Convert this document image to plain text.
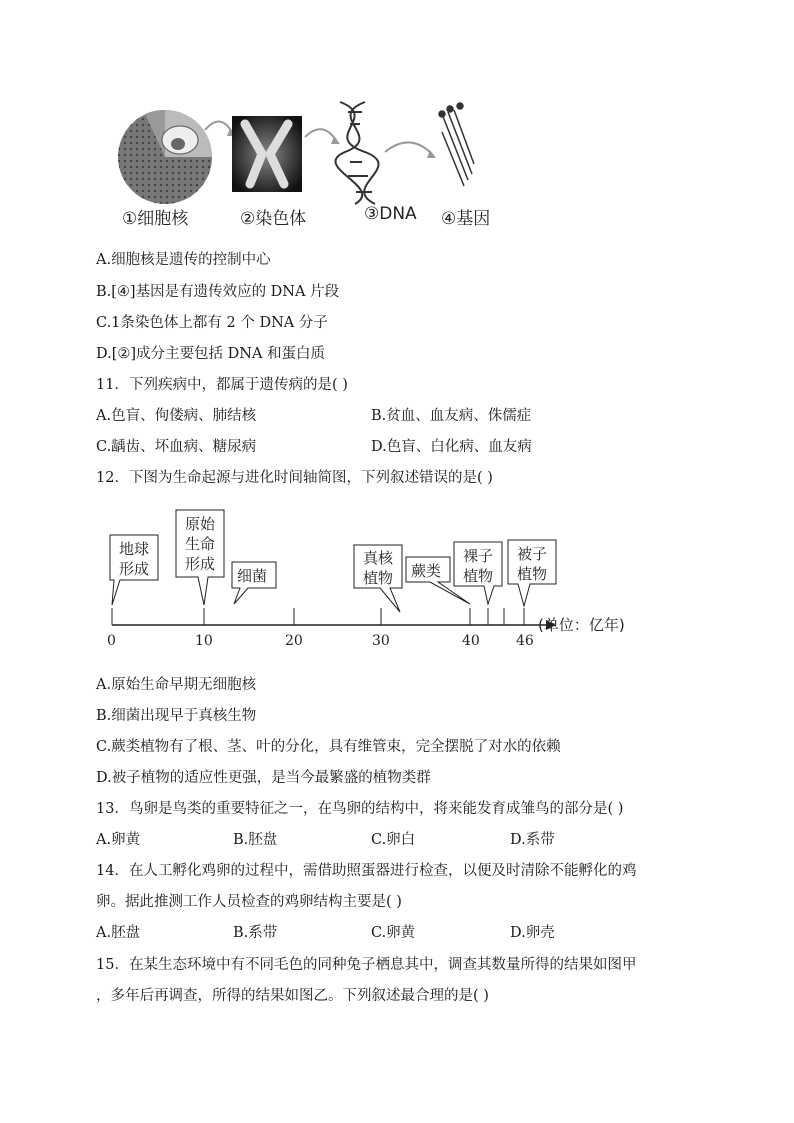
①细胞核	②染色体	③DNA ④基因
A.细胞核是遗传的控制中心
B.[④]基因是有遗传效应的 DNA 片段
C.1条染色体上都有 2 个 DNA 分子
D.[②]成分主要包括 DNA 和蛋白质
11．下列疾病中，都属于遗传病的是( )
A.色盲、佝偻病、肺结核	B.贫血、血友病、侏儒症
C.龋齿、坏血病、糖尿病	D.色盲、白化病、血友病
12．下图为生命起源与进化时间轴简图，下列叙述错误的是( )
(单位：亿年)
0	10	20	30	40	46
地球
形成
原始
生命
形成
细菌
真核
植物 蕨类
裸子
植物
被子
植物
A.原始生命早期无细胞核
B.细菌出现早于真核生物
C.蕨类植物有了根、茎、叶的分化，具有维管束，完全摆脱了对水的依赖
D.被子植物的适应性更强，是当今最繁盛的植物类群
13．鸟卵是鸟类的重要特征之一，在鸟卵的结构中，将来能发育成雏鸟的部分是( )
A.卵黄	B.胚盘	C.卵白	D.系带
14．在人工孵化鸡卵的过程中，需借助照蛋器进行检查，以便及时清除不能孵化的鸡
卵。据此推测工作人员检查的鸡卵结构主要是( )
A.胚盘	B.系带	C.卵黄	D.卵壳
15．在某生态环境中有不同毛色的同种兔子栖息其中，调查其数量所得的结果如图甲
，多年后再调查，所得的结果如图乙。下列叙述最合理的是( )
